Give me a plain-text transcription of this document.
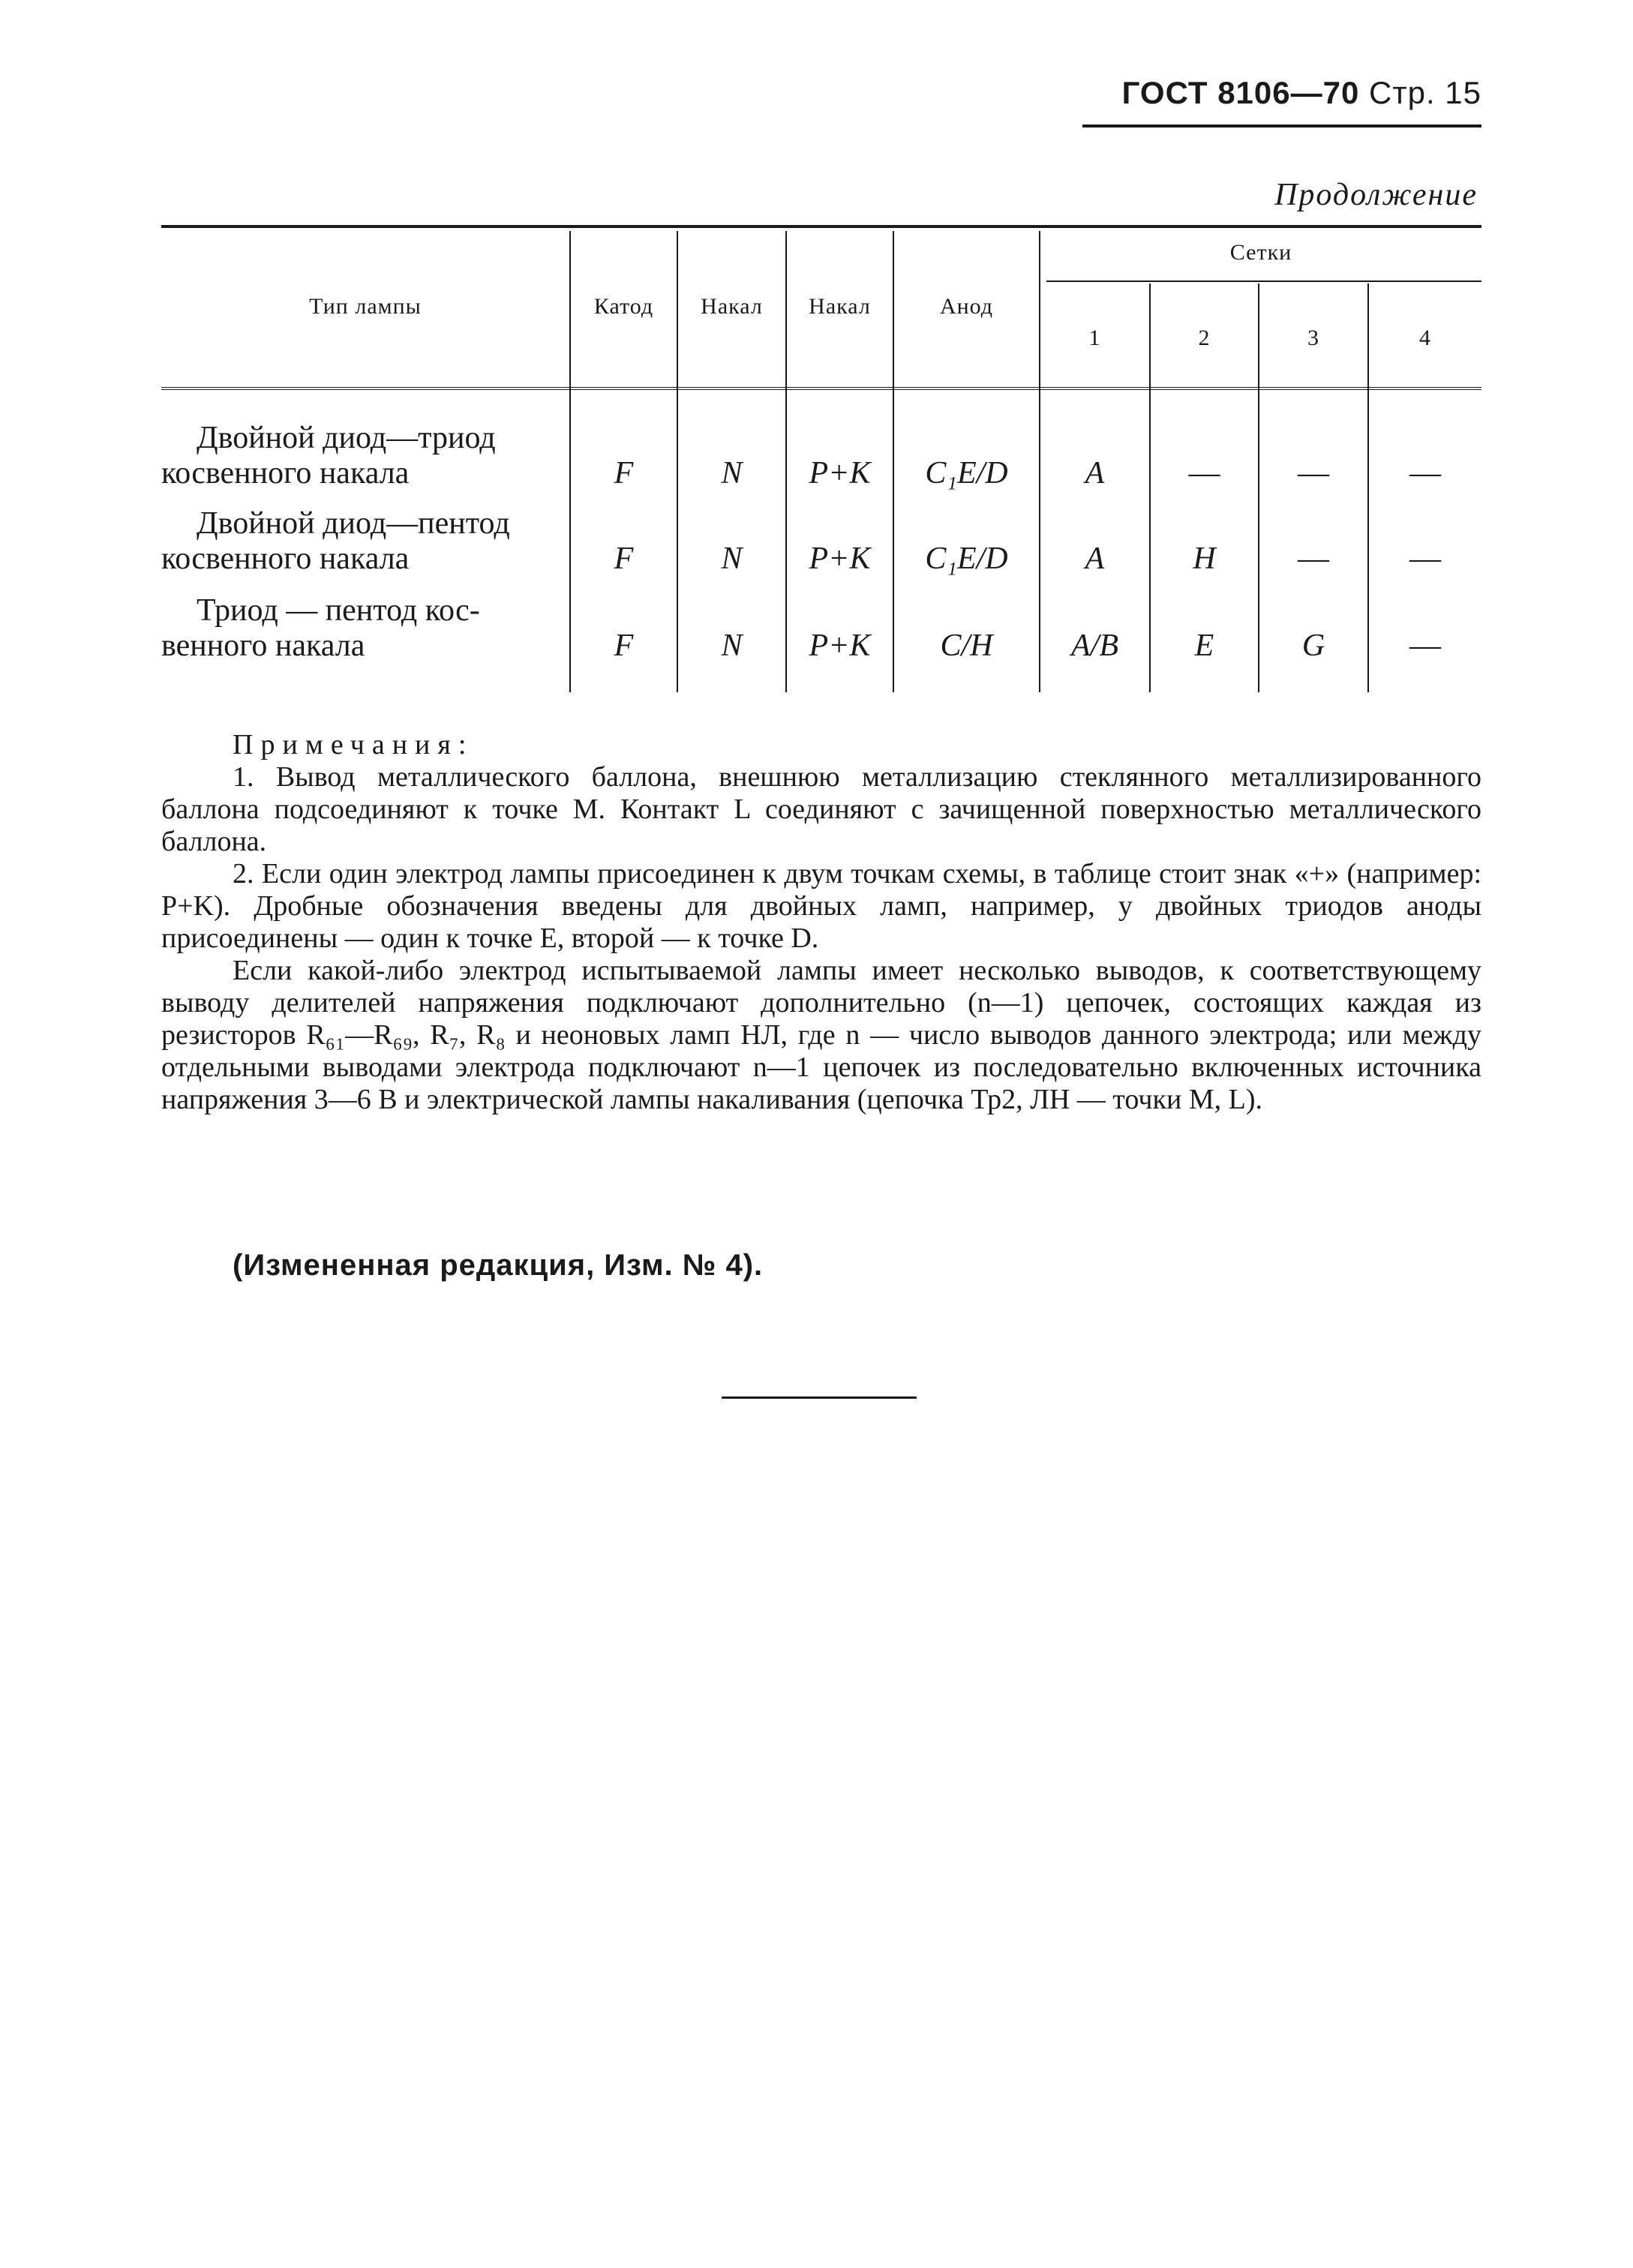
ГОСТ 8106—70 Стр. 15
Продолжение
Тип лампы	Катод	Накал	Накал	Анод
Сетки
1	2	3	4
Двойной диод—триод
косвенного накала	F	N	P+K	C₁E/D	A	—	—	—
Двойной диод—пентод
косвенного накала	F	N	P+K	C₁E/D	A	H	—	—
Триод — пентод кос-
венного накала	F	N	P+K	C/H	A/B	E	G	—

Примечания:

1. Вывод металлического баллона, внешнюю металлизацию стеклянного металлизированного баллона подсоединяют к точке M. Контакт L соединяют с зачищенной поверхностью металлического баллона.

2. Если один электрод лампы присоединен к двум точкам схемы, в таблице стоит знак «+» (например: P+K). Дробные обозначения введены для двойных ламп, например, у двойных триодов аноды присоединены — один к точке E, второй — к точке D.

Если какой-либо электрод испытываемой лампы имеет несколько выводов, к соответствующему выводу делителей напряжения подключают дополнительно (n—1) цепочек, состоящих каждая из резисторов R₆₁—R₆₉, R₇, R₈ и неоновых ламп НЛ, где n — число выводов данного электрода; или между отдельными выводами электрода подключают n—1 цепочек из последовательно включенных источника напряжения 3—6 В и электрической лампы накаливания (цепочка Тр2, ЛН — точки M, L).

(Измененная редакция, Изм. № 4).
